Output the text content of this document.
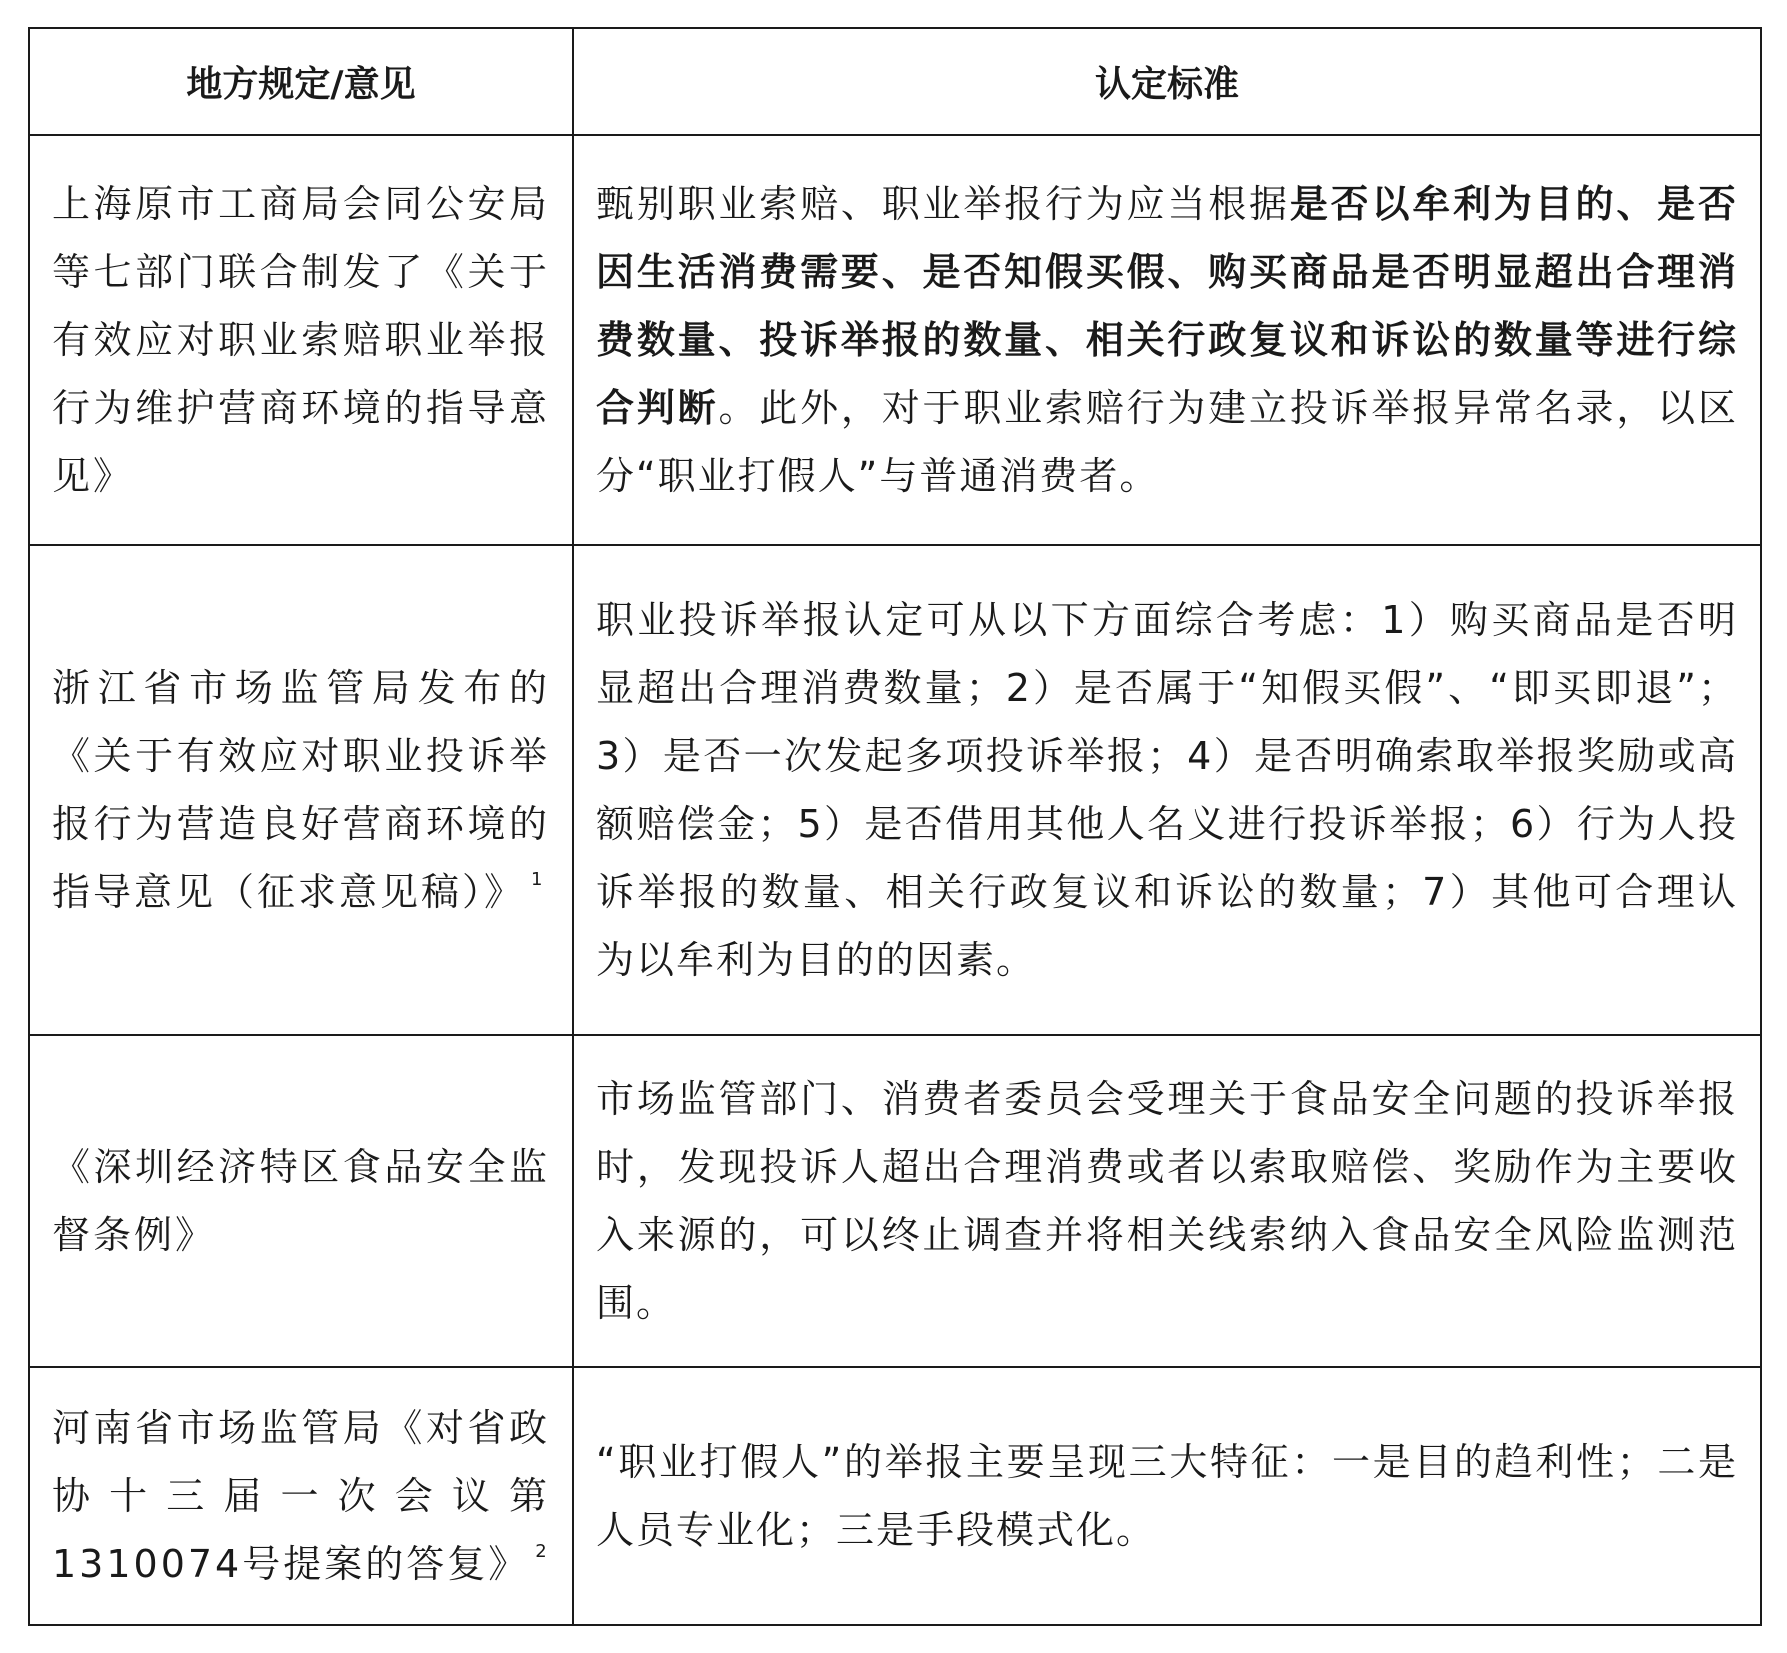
地方规定/意见	认定标准
上海原市工商局会同公安局等七部门联合制发了《关于有效应对职业索赔职业举报行为维护营商环境的指导意见》	甄别职业索赔、职业举报行为应当根据是否以牟利为目的、是否因生活消费需要、是否知假买假、购买商品是否明显超出合理消费数量、投诉举报的数量、相关行政复议和诉讼的数量等进行综合判断。此外，对于职业索赔行为建立投诉举报异常名录，以区分“职业打假人”与普通消费者。
浙江省市场监管局发布的《关于有效应对职业投诉举报行为营造良好营商环境的指导意见（征求意见稿）》 $^1$	职业投诉举报认定可从以下方面综合考虑：1）购买商品是否明显超出合理消费数量；2）是否属于“知假买假”、“即买即退”；3）是否一次发起多项投诉举报；4）是否明确索取举报奖励或高额赔偿金；5）是否借用其他人名义进行投诉举报；6）行为人投诉举报的数量、相关行政复议和诉讼的数量；7）其他可合理认为以牟利为目的的因素。
《深圳经济特区食品安全监督条例》	市场监管部门、消费者委员会受理关于食品安全问题的投诉举报时，发现投诉人超出合理消费或者以索取赔偿、奖励作为主要收入来源的，可以终止调查并将相关线索纳入食品安全风险监测范围。
河南省市场监管局《对省政协十三届一次会议第1310074号提案的答复》 $^2$	“职业打假人”的举报主要呈现三大特征：一是目的趋利性；二是人员专业化；三是手段模式化。
